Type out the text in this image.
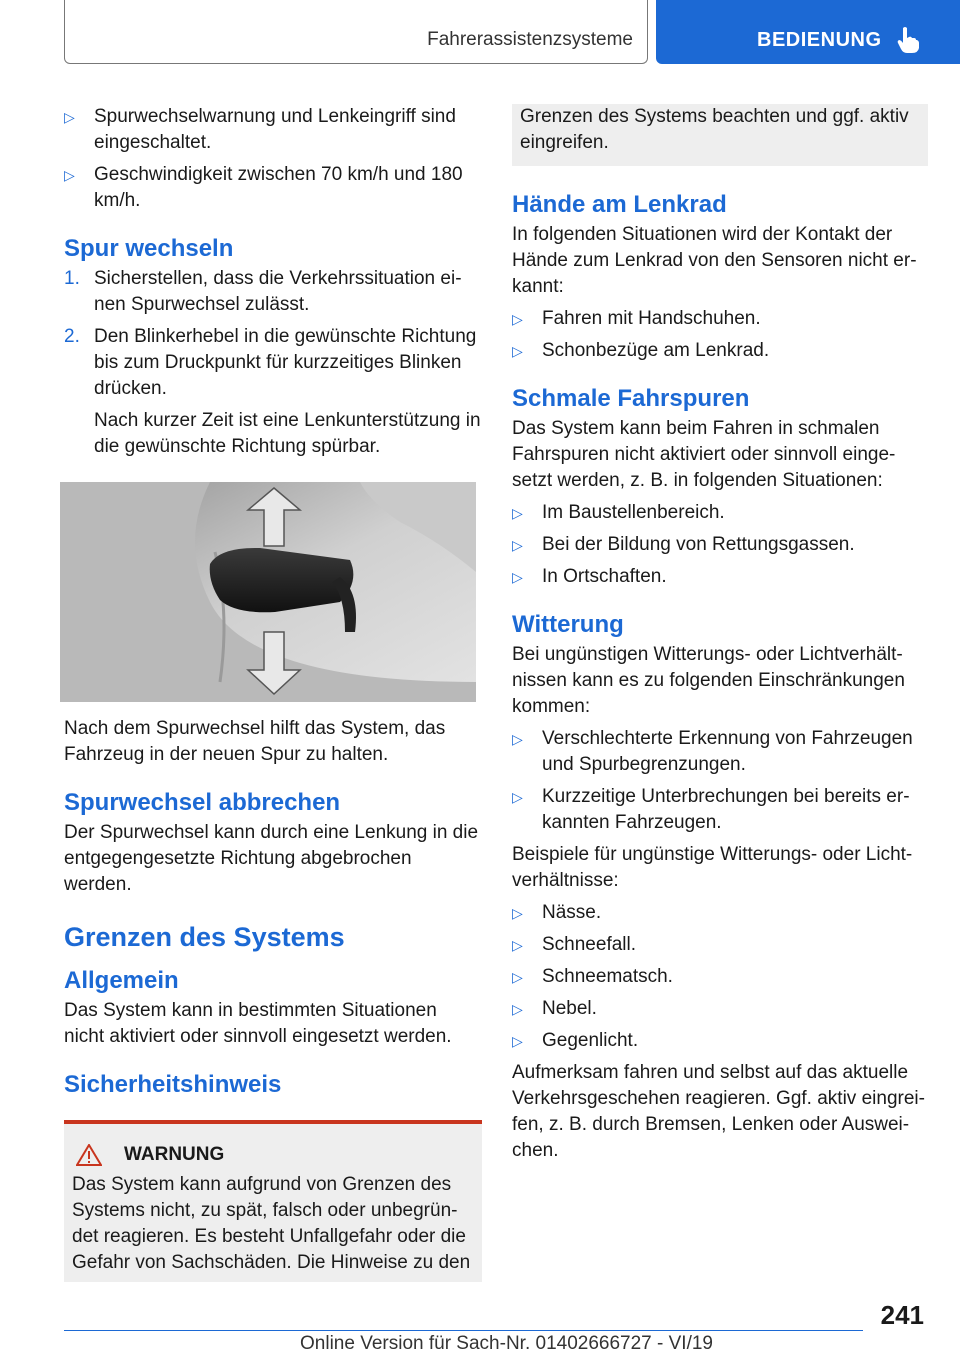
Fahrerassistenzsysteme	BEDIENUNG
▷	Spurwechselwarnung und Lenkeingriff sind eingeschaltet.
▷	Geschwindigkeit zwischen 70 km/h und 180 km/h.
Spur wechseln
1. Sicherstellen, dass die Verkehrssituation ei-nen Spurwechsel zulässt.
2. Den Blinkerhebel in die gewünschte Richtung bis zum Druckpunkt für kurzzeitiges Blinken drücken.
Nach kurzer Zeit ist eine Lenkunterstützung in die gewünschte Richtung spürbar.

Nach dem Spurwechsel hilft das System, das Fahrzeug in der neuen Spur zu halten.

Spurwechsel abbrechen

Der Spurwechsel kann durch eine Lenkung in die entgegengesetzte Richtung abgebrochen werden.

Grenzen des Systems
Allgemein

Das System kann in bestimmten Situationen nicht aktiviert oder sinnvoll eingesetzt werden.

Sicherheitshinweis
WARNUNG
Das System kann aufgrund von Grenzen des Systems nicht, zu spät, falsch oder unbegrün-det reagieren. Es besteht Unfallgefahr oder die Gefahr von Sachschäden. Die Hinweise zu den
Grenzen des Systems beachten und ggf. aktiv eingreifen.
Hände am Lenkrad

In folgenden Situationen wird der Kontakt der Hände zum Lenkrad von den Sensoren nicht er-kannt:

▷	Fahren mit Handschuhen.
▷	Schonbezüge am Lenkrad.
Schmale Fahrspuren

Das System kann beim Fahren in schmalen Fahrspuren nicht aktiviert oder sinnvoll einge-setzt werden, z. B. in folgenden Situationen:

▷	Im Baustellenbereich.
▷	Bei der Bildung von Rettungsgassen.
▷	In Ortschaften.
Witterung

Bei ungünstigen Witterungs- oder Lichtverhält-nissen kann es zu folgenden Einschränkungen kommen:

▷	Verschlechterte Erkennung von Fahrzeugen und Spurbegrenzungen.
▷	Kurzzeitige Unterbrechungen bei bereits er-kannten Fahrzeugen.

Beispiele für ungünstige Witterungs- oder Licht-verhältnisse:

▷	Nässe.
▷	Schneefall.
▷	Schneematsch.
▷	Nebel.
▷	Gegenlicht.

Aufmerksam fahren und selbst auf das aktuelle Verkehrsgeschehen reagieren. Ggf. aktiv eingrei-fen, z. B. durch Bremsen, Lenken oder Auswei-chen.

241
Online Version für Sach-Nr. 01402666727 - VI/19
